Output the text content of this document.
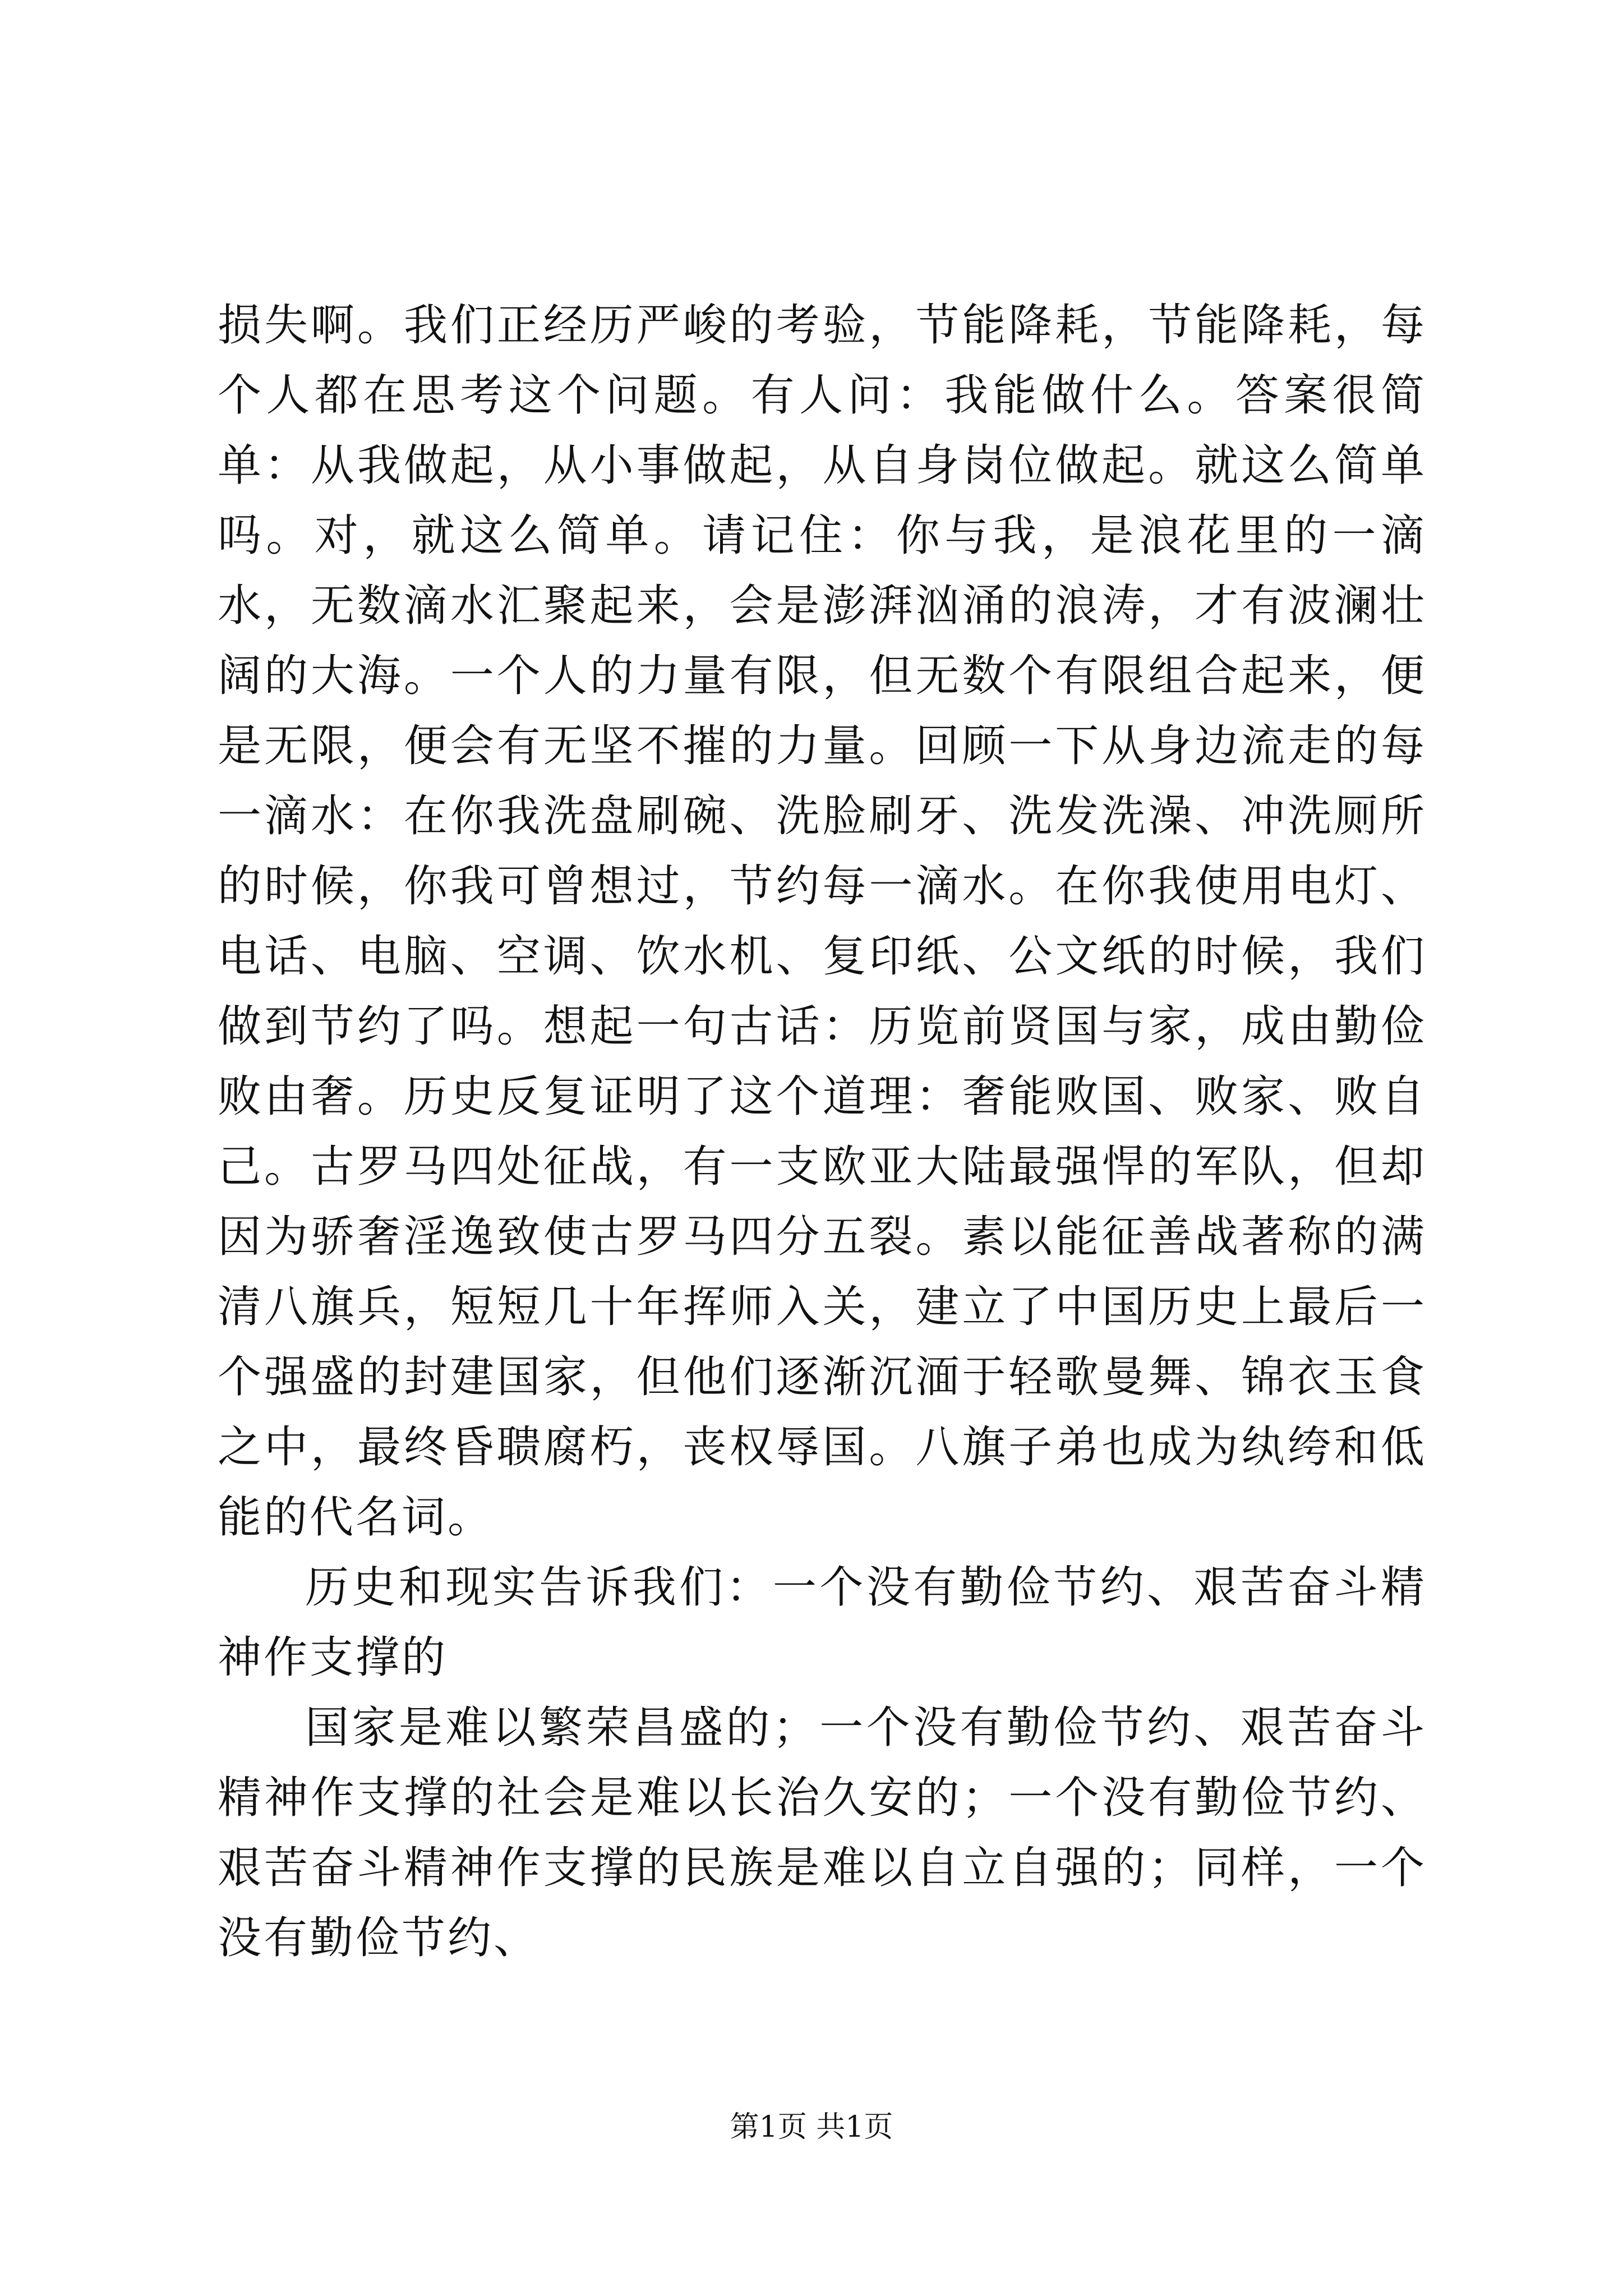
损失啊。我们正经历严峻的考验，节能降耗，节能降耗，每个人都在思考这个问题。有人问：我能做什么。答案很简单：从我做起，从小事做起，从自身岗位做起。就这么简单吗。对，就这么简单。请记住：你与我，是浪花里的一滴水，无数滴水汇聚起来，会是澎湃汹涌的浪涛，才有波澜壮阔的大海。一个人的力量有限，但无数个有限组合起来，便是无限，便会有无坚不摧的力量。回顾一下从身边流走的每一滴水：在你我洗盘刷碗、洗脸刷牙、洗发洗澡、冲洗厕所的时候，你我可曾想过，节约每一滴水。在你我使用电灯、电话、电脑、空调、饮水机、复印纸、公文纸的时候，我们做到节约了吗。想起一句古话：历览前贤国与家，成由勤俭败由奢。历史反复证明了这个道理：奢能败国、败家、败自己。古罗马四处征战，有一支欧亚大陆最强悍的军队，但却因为骄奢淫逸致使古罗马四分五裂。素以能征善战著称的满清八旗兵，短短几十年挥师入关，建立了中国历史上最后一个强盛的封建国家，但他们逐渐沉湎于轻歌曼舞、锦衣玉食之中，最终昏聩腐朽，丧权辱国。八旗子弟也成为纨绔和低能的代名词。

历史和现实告诉我们：一个没有勤俭节约、艰苦奋斗精神作支撑的

国家是难以繁荣昌盛的；一个没有勤俭节约、艰苦奋斗精神作支撑的社会是难以长治久安的；一个没有勤俭节约、艰苦奋斗精神作支撑的民族是难以自立自强的；同样，一个没有勤俭节约、

第1页 共1页
